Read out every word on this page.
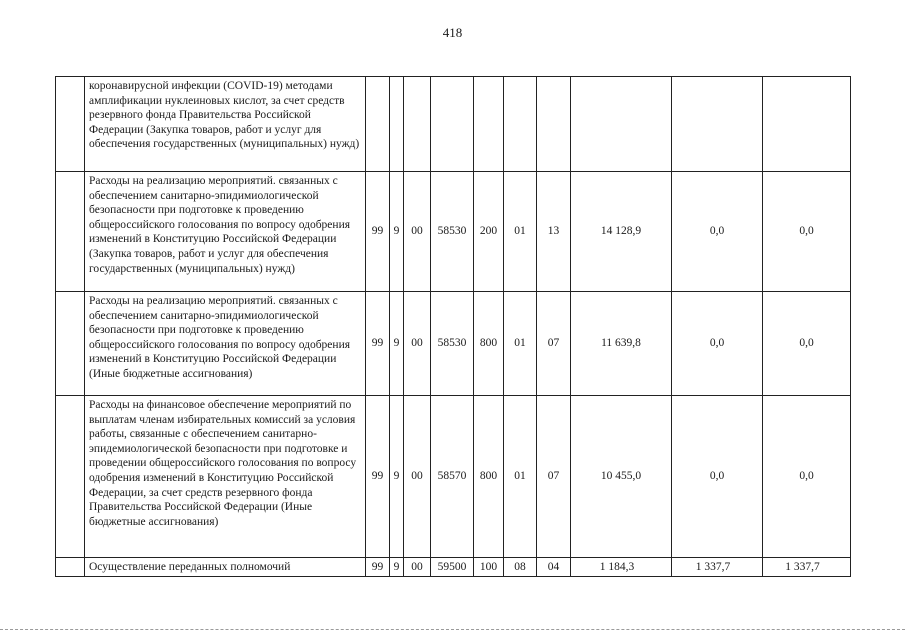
418
	коронавирусной инфекции (COVID-19) методами амплификации нуклеиновых кислот, за счет средств резервного фонда Правительства Российской Федерации (Закупка товаров, работ и услуг для обеспечения государственных (муниципальных) нужд)										
	Расходы на реализацию мероприятий. связанных с обеспечением санитарно-эпидимиологической безопасности при подготовке к проведению общероссийского голосования по вопросу одобрения изменений в Конституцию Российской Федерации (Закупка товаров, работ и услуг для обеспечения государственных (муниципальных) нужд)	99	9	00	58530	200	01	13	14 128,9	0,0	0,0
	Расходы на реализацию мероприятий. связанных с обеспечением санитарно-эпидимиологической безопасности при подготовке к проведению общероссийского голосования по вопросу одобрения изменений в Конституцию Российской Федерации (Иные бюджетные ассигнования)	99	9	00	58530	800	01	07	11 639,8	0,0	0,0
	Расходы на финансовое обеспечение мероприятий по выплатам членам избирательных комиссий за условия работы, связанные с обеспечением санитарно-эпидемиологической безопасности при подготовке и проведении общероссийского голосования по вопросу одобрения изменений в Конституцию Российской Федерации, за счет средств резервного фонда Правительства Российской Федерации (Иные бюджетные ассигнования)	99	9	00	58570	800	01	07	10 455,0	0,0	0,0
	Осуществление переданных полномочий	99	9	00	59500	100	08	04	1 184,3	1 337,7	1 337,7
